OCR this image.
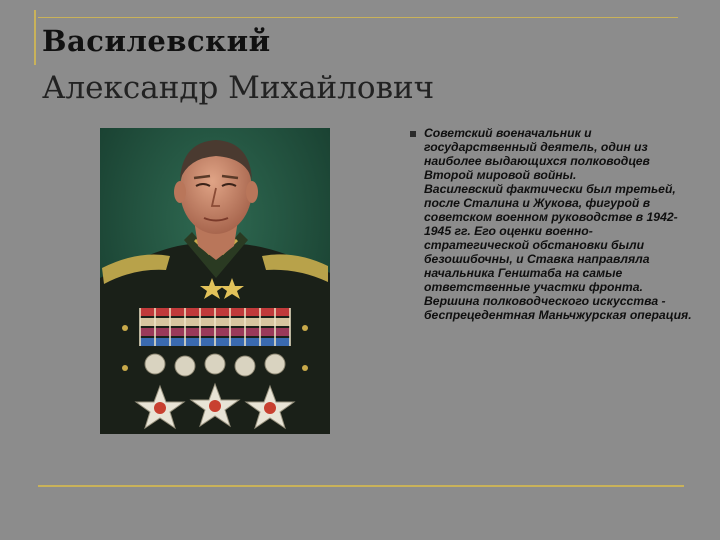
Василевский
Александр Михайлович

Советский военачальник и государственный деятель, один из наиболее выдающихся полководцев Второй мировой войны.

Василевский фактически был третьей, после Сталина и Жукова, фигурой в советском военном руководстве в 1942-1945 гг. Его оценки военно-стратегической обстановки были безошибочны, и Ставка направляла начальника Генштаба на самые ответственные участки фронта. Вершина полководческого искусства - беспрецедентная Маньчжурская операция.
